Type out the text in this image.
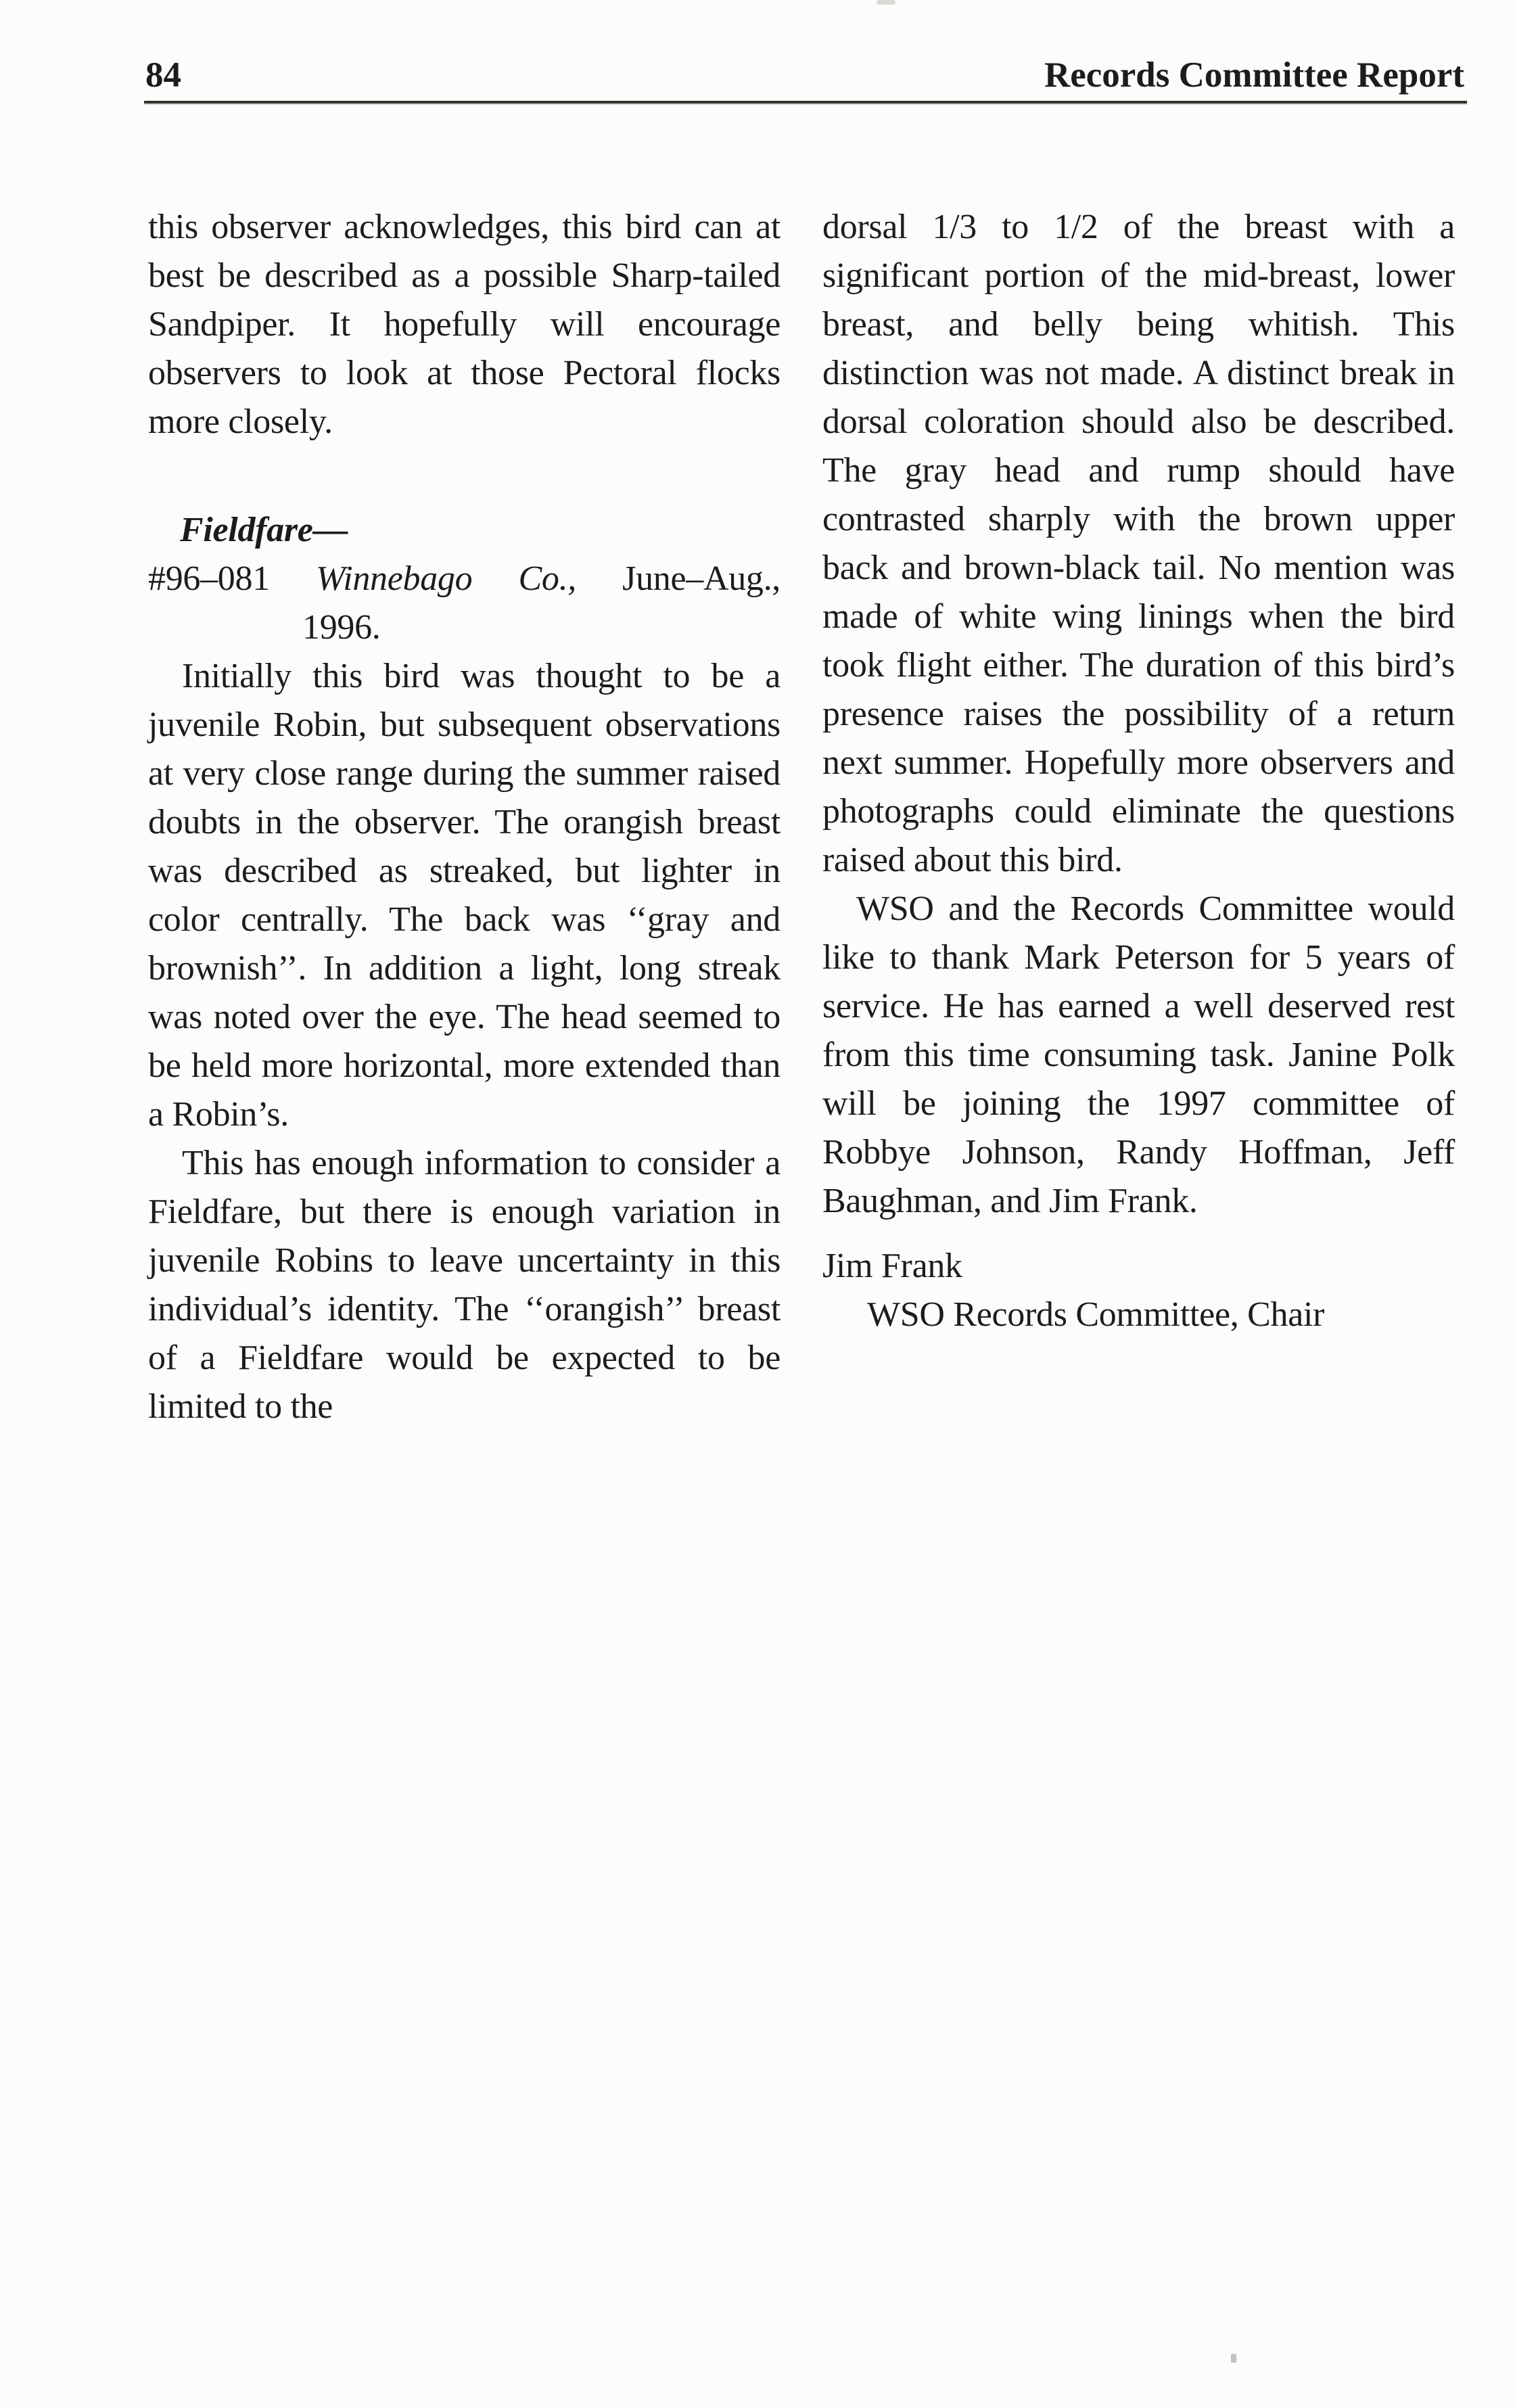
84	Records Committee Report

this observer acknowledges, this bird can at best be described as a possible Sharp-tailed Sandpiper. It hopefully will encourage observers to look at those Pectoral flocks more closely.

Fieldfare—
#96–081 Winnebago Co., June–Aug.,
1996.

Initially this bird was thought to be a juvenile Robin, but subsequent observations at very close range during the summer raised doubts in the observer. The orangish breast was described as streaked, but lighter in color centrally. The back was ‘‘gray and brownish’’. In addition a light, long streak was noted over the eye. The head seemed to be held more horizontal, more extended than a Robin’s.

This has enough information to consider a Fieldfare, but there is enough variation in juvenile Robins to leave uncertainty in this individual’s identity. The ‘‘orangish’’ breast of a Fieldfare would be expected to be limited to the

dorsal 1/3 to 1/2 of the breast with a significant portion of the mid-breast, lower breast, and belly being whitish. This distinction was not made. A distinct break in dorsal coloration should also be described. The gray head and rump should have contrasted sharply with the brown upper back and brown-black tail. No mention was made of white wing linings when the bird took flight either. The duration of this bird’s presence raises the possibility of a return next summer. Hopefully more observers and photographs could eliminate the questions raised about this bird.

WSO and the Records Committee would like to thank Mark Peterson for 5 years of service. He has earned a well deserved rest from this time consuming task. Janine Polk will be joining the 1997 committee of Robbye Johnson, Randy Hoffman, Jeff Baughman, and Jim Frank.

Jim Frank
WSO Records Committee, Chair
